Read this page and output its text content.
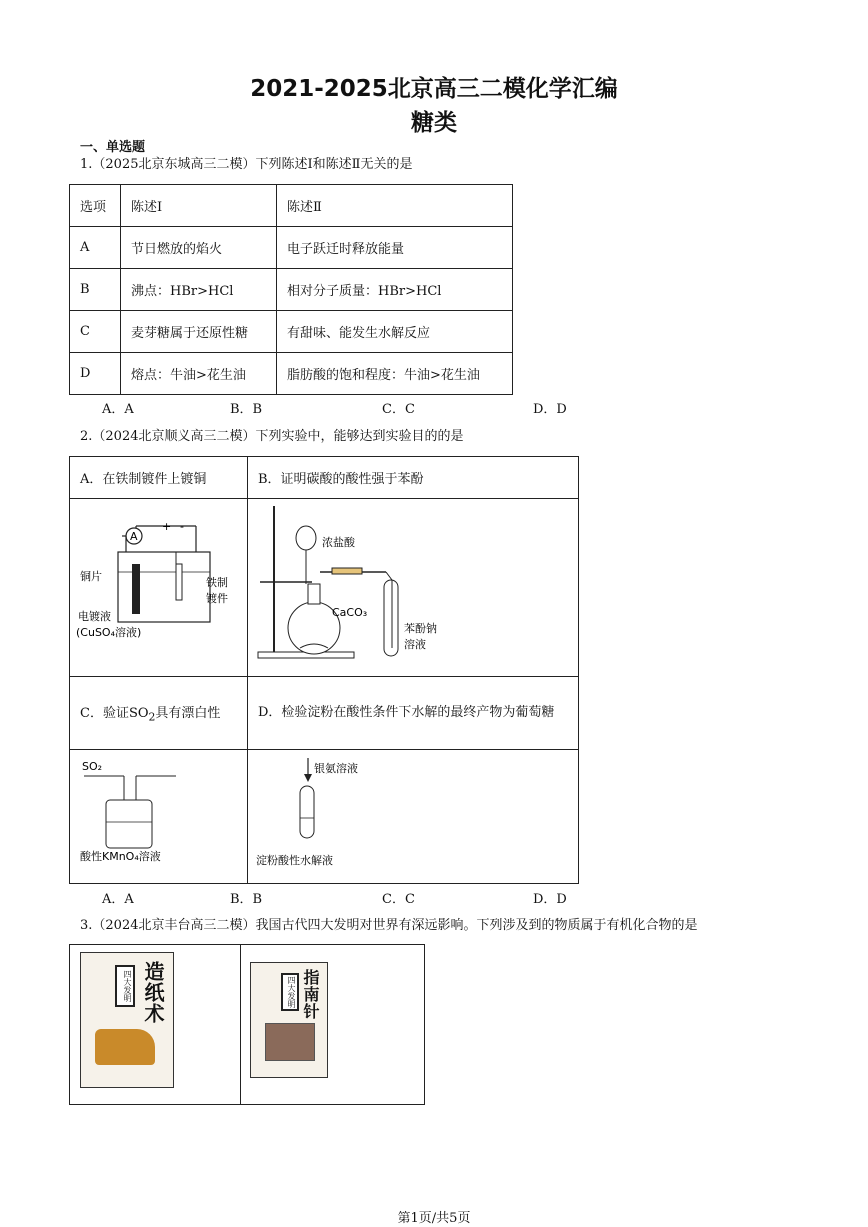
2021-2025北京高三二模化学汇编
糖类
一、单选题
1.（2025北京东城高三二模）下列陈述Ⅰ和陈述Ⅱ无关的是
选项	陈述Ⅰ	陈述Ⅱ
A	节日燃放的焰火	电子跃迁时释放能量
B	沸点：HBr>HCl	相对分子质量：HBr>HCl
C	麦芽糖属于还原性糖	有甜味、能发生水解反应
D	熔点：牛油>花生油	脂肪酸的饱和程度：牛油>花生油
A．A	B．B	C．C	D．D
2.（2024北京顺义高三二模）下列实验中，能够达到实验目的的是
A．在铁制镀件上镀铜	B．证明碳酸的酸性强于苯酚

C．验证$SO_2$具有漂白性	D．检验淀粉在酸性条件下水解的最终产物为葡萄糖

A
+ -
铜片	铁制
镀件
电镀液
(CuSO₄溶液)
浓盐酸
CaCO₃
苯酚钠
溶液
SO₂
酸性KMnO₄溶液
银氨溶液
淀粉酸性水解液
A．A	B．B	C．C	D．D
3.（2024北京丰台高三二模）我国古代四大发明对世界有深远影响。下列涉及到的物质属于有机化合物的是

四大发明 造纸术	四大发明 指南针
第1页/共5页
